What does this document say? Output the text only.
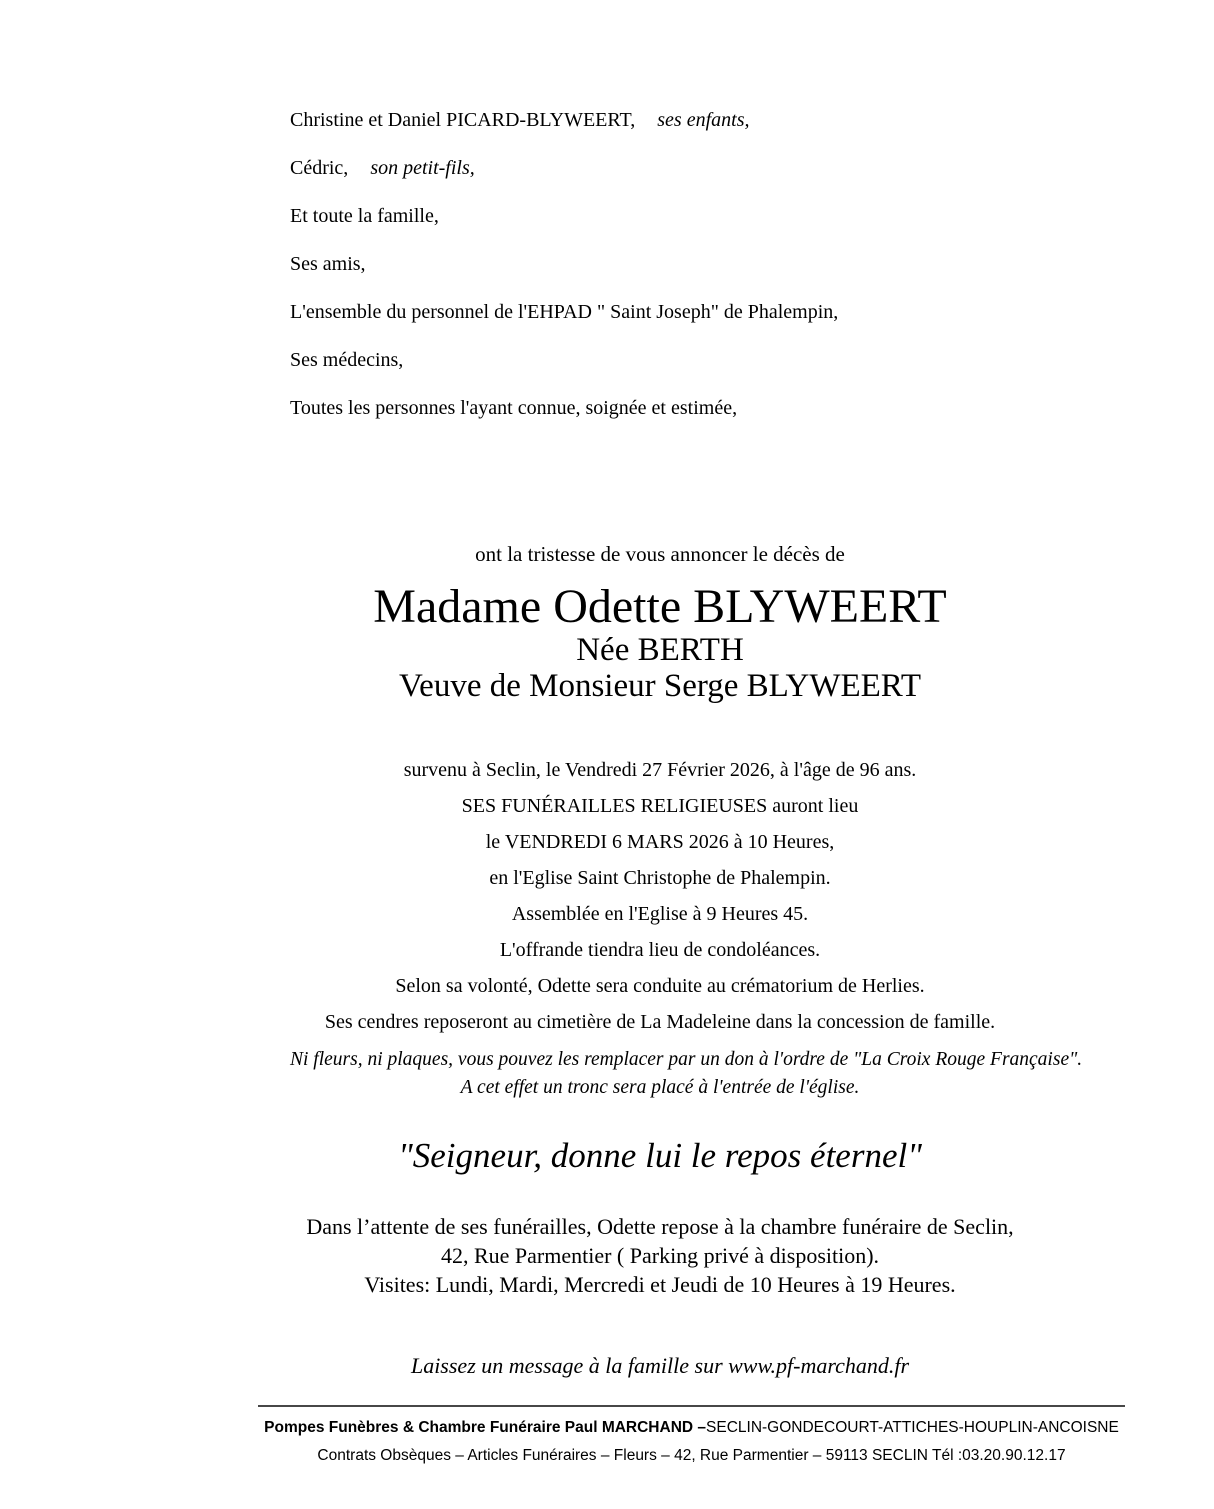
Christine et Daniel PICARD-BLYWEERT, ses enfants,

Cédric, son petit-fils,

Et toute la famille,

Ses amis,

L'ensemble du personnel de l'EHPAD " Saint Joseph" de Phalempin,

Ses médecins,

Toutes les personnes l'ayant connue, soignée et estimée,

ont la tristesse de vous annoncer le décès de

Madame Odette BLYWEERT

Née BERTH

Veuve de Monsieur Serge BLYWEERT

survenu à Seclin, le Vendredi 27 Février 2026, à l'âge de 96 ans.

SES FUNÉRAILLES RELIGIEUSES auront lieu

le VENDREDI 6 MARS 2026 à 10 Heures,

en l'Eglise Saint Christophe de Phalempin.

Assemblée en l'Eglise à 9 Heures 45.

L'offrande tiendra lieu de condoléances.

Selon sa volonté, Odette sera conduite au crématorium de Herlies.

Ses cendres reposeront au cimetière de La Madeleine dans la concession de famille.

Ni fleurs, ni plaques, vous pouvez les remplacer par un don à l'ordre de "La Croix Rouge Française".

A cet effet un tronc sera placé à l'entrée de l'église.

"Seigneur, donne lui le repos éternel"

Dans l’attente de ses funérailles, Odette repose à la chambre funéraire de Seclin,

42, Rue Parmentier ( Parking privé à disposition).

Visites: Lundi, Mardi, Mercredi et Jeudi de 10 Heures à 19 Heures.

Laissez un message à la famille sur www.pf-marchand.fr

Pompes Funèbres & Chambre Funéraire Paul MARCHAND –SECLIN-GONDECOURT-ATTICHES-HOUPLIN-ANCOISNE

Contrats Obsèques – Articles Funéraires – Fleurs – 42, Rue Parmentier – 59113 SECLIN Tél :03.20.90.12.17
